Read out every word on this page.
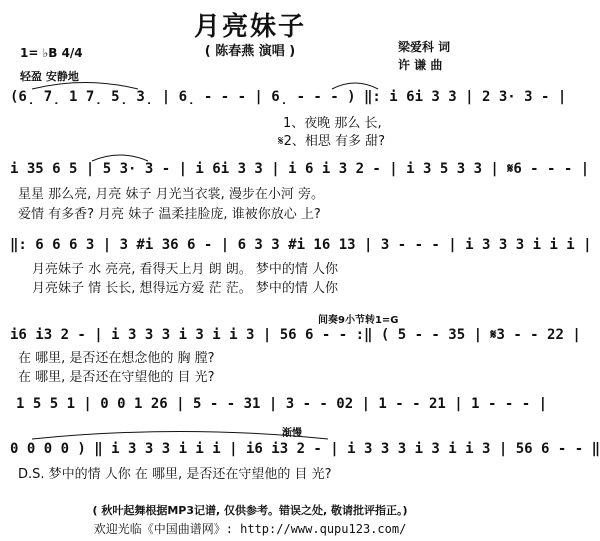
月亮妹子
( 陈春燕 演唱 )	梁爱科 词
许 谦 曲
1= ♭B 4/4
轻盈 安静地
(6̣ 7̣ 1 7̣ 5̣ 3̣ | 6̣ - - - | 6̣ - - - ) ‖: i 6i 3 3 | 2 3· 3 - |
1、夜晚 那么 长,
𝄋2、相思 有多 甜?
i 35 6 5 | 5 3· 3 - | i 6i 3 3 | i 6 i 3 2 - | i 3 5 3 3 | 𝄋6 - - - |
星星 那么亮, 月亮 妹子 月光当衣裳, 漫步在小河 旁。
爱情 有多香? 月亮 妹子 温柔挂脸庞, 谁被你放心 上?
‖: 6 6 6 3 | 3 #i 36 6 - | 6 3 3 #i 16 13 | 3 - - - | i 3 3 3 i i i |
月亮妹子 水 亮亮, 看得天上月 朗 朗。 梦中的情 人你
月亮妹子 情 长长, 想得远方爱 茫 茫。 梦中的情 人你
间奏9小节转1=G
i6 i3 2 - | i 3 3 3 i 3 i i 3 | 56 6 - - :‖ ( 5 - - 35 | 𝄋3 - - 22 |
在 哪里, 是否还在想念他的 胸 膛?
在 哪里, 是否还在守望他的 目 光?
1 5 5 1 | 0 0 1 26 | 5 - - 31 | 3 - - 02 | 1 - - 21 | 1 - - - |
渐慢
0 0 0 0 ) ‖ i 3 3 3 i i i | i6 i3 2 - | i 3 3 3 i 3 i i 3 | 56 6 - - ‖
D.S. 梦中的情 人你 在 哪里, 是否还在守望他的 目 光?
( 秋叶起舞根据MP3记谱, 仅供参考。错误之处, 敬请批评指正。)
欢迎光临《中国曲谱网》: http://www.qupu123.com/
